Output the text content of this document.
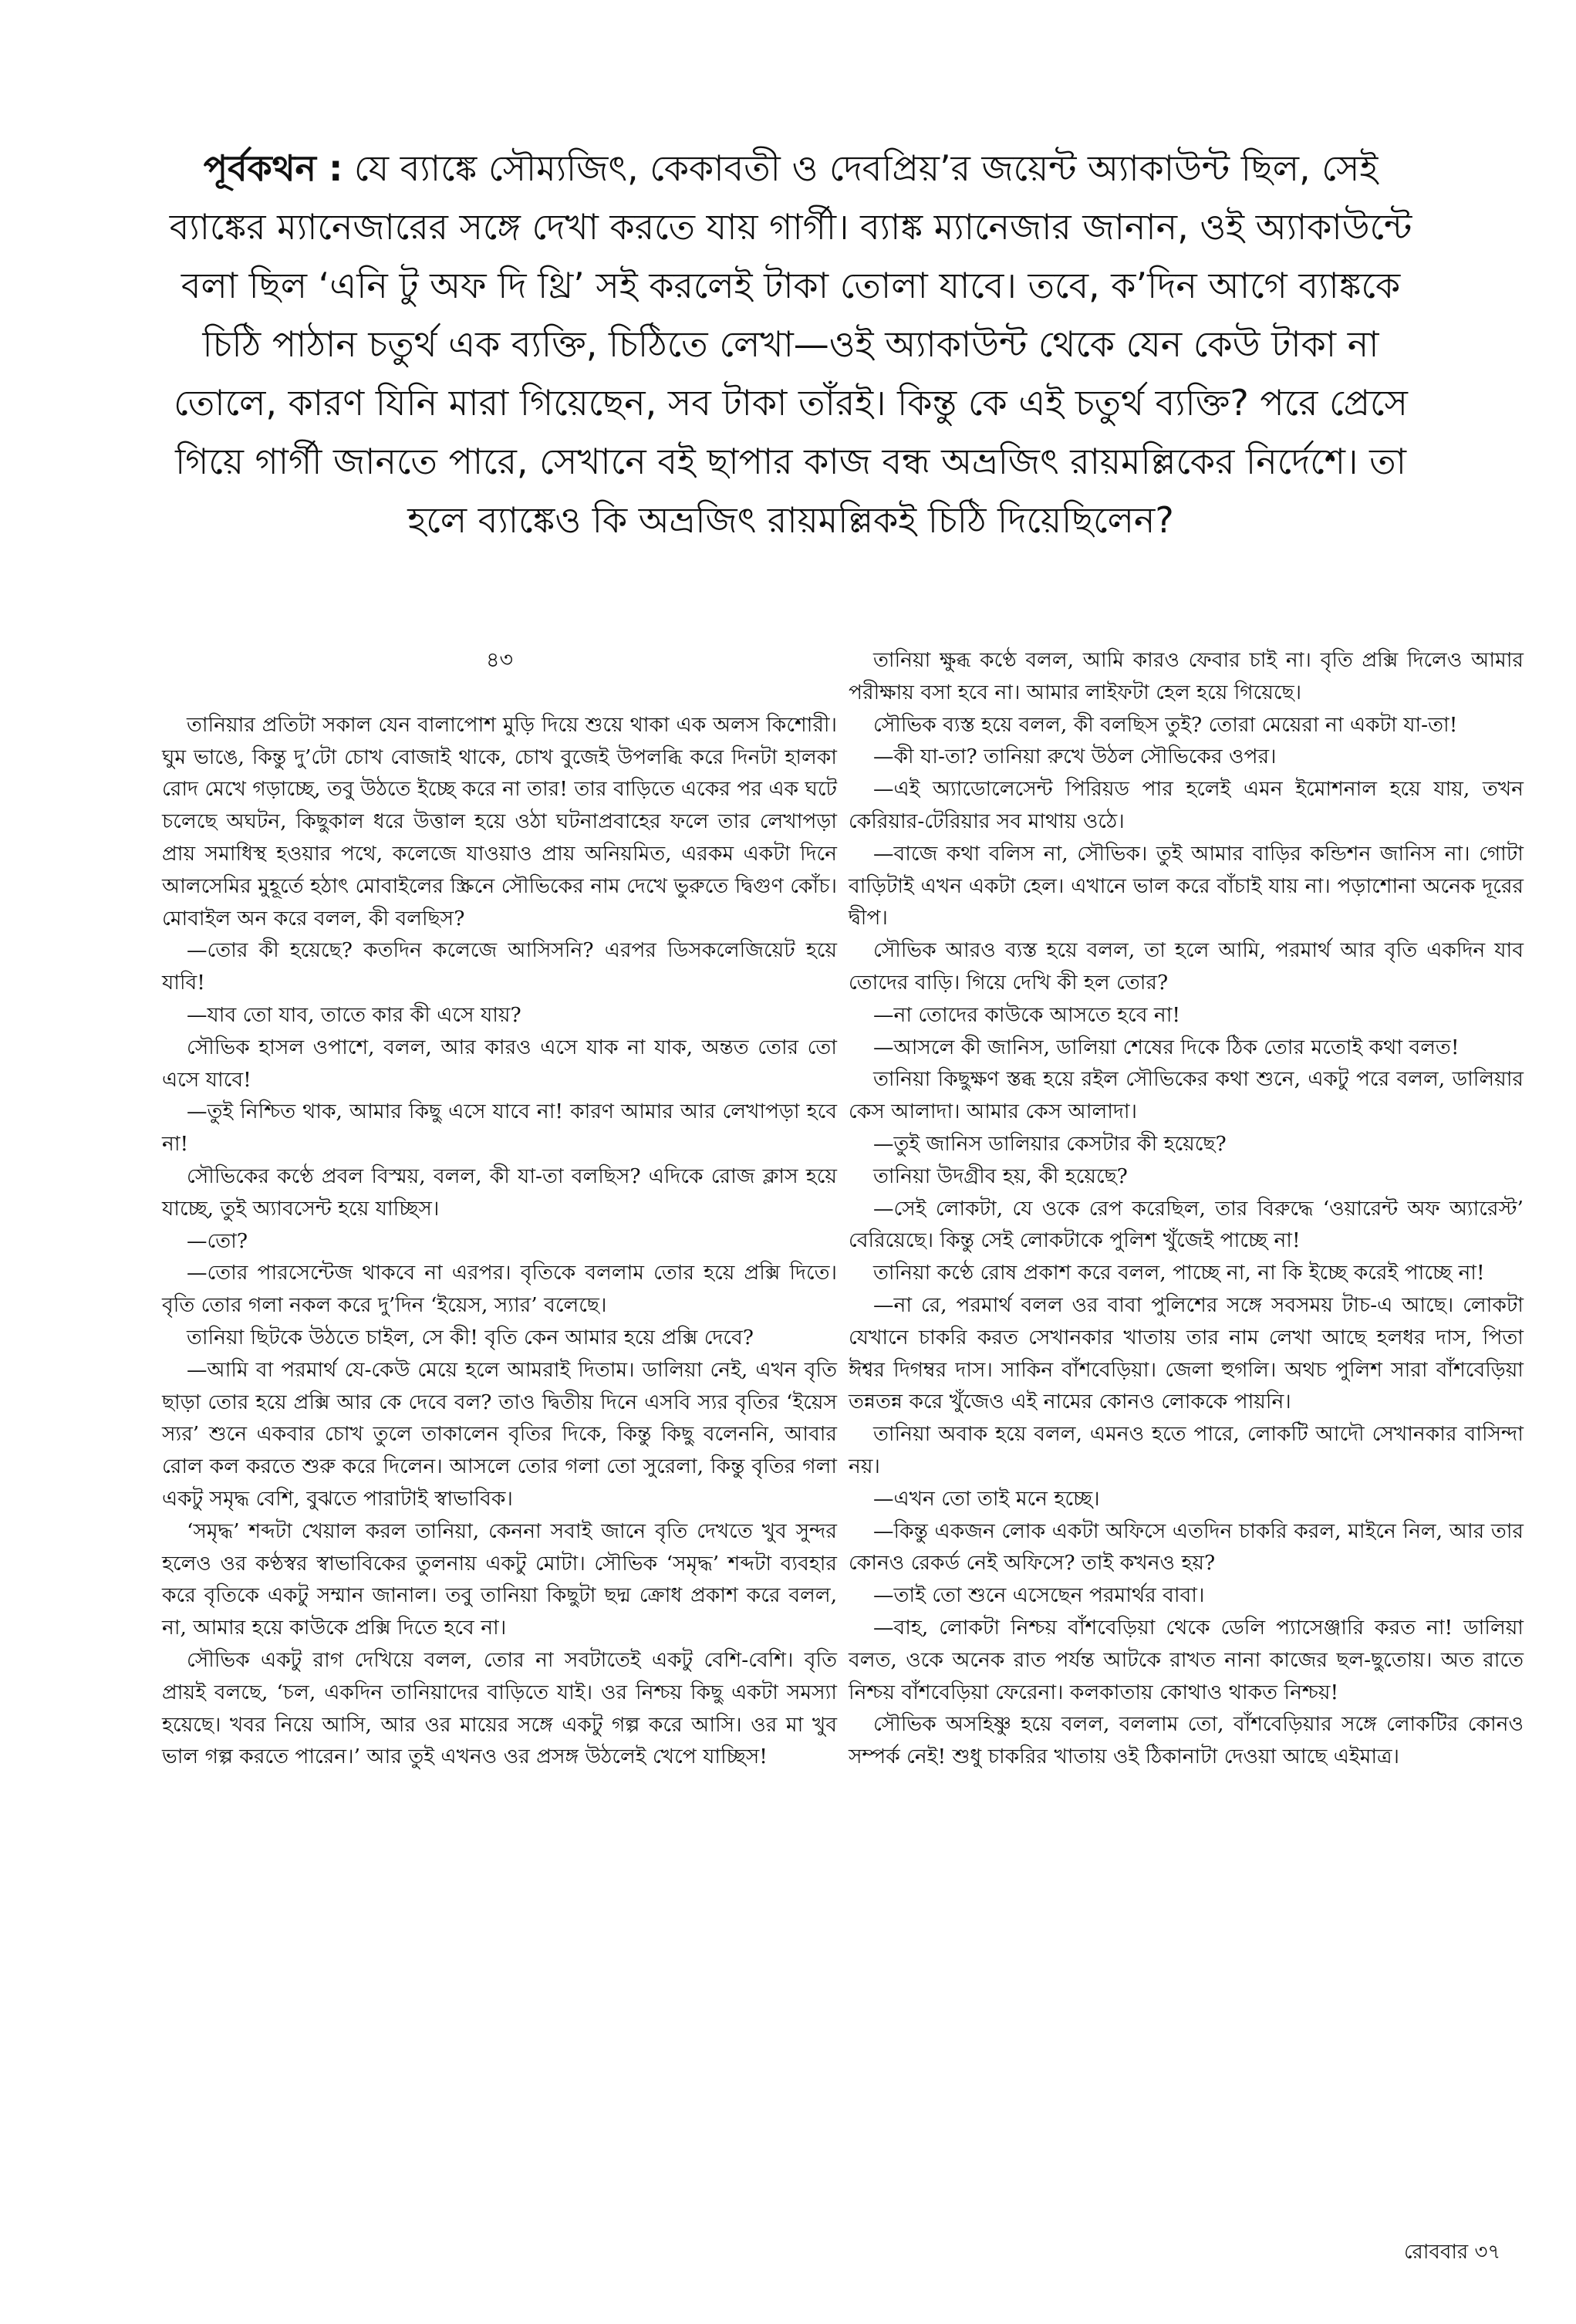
পূর্বকথন : যে ব্যাঙ্কে সৌম্যজিৎ, কেকাবতী ও দেবপ্রিয়’র জয়েন্ট অ্যাকাউন্ট ছিল, সেই ব্যাঙ্কের ম্যানেজারের সঙ্গে দেখা করতে যায় গার্গী। ব্যাঙ্ক ম্যানেজার জানান, ওই অ্যাকাউন্টে বলা ছিল ‘এনি টু অফ দি থ্রি’ সই করলেই টাকা তোলা যাবে। তবে, ক’দিন আগে ব্যাঙ্ককে চিঠি পাঠান চতুর্থ এক ব্যক্তি, চিঠিতে লেখা—ওই অ্যাকাউন্ট থেকে যেন কেউ টাকা না তোলে, কারণ যিনি মারা গিয়েছেন, সব টাকা তাঁরই। কিন্তু কে এই চতুর্থ ব্যক্তি? পরে প্রেসে গিয়ে গার্গী জানতে পারে, সেখানে বই ছাপার কাজ বন্ধ অভ্রজিৎ রায়মল্লিকের নির্দেশে। তা হলে ব্যাঙ্কেও কি অভ্রজিৎ রায়মল্লিকই চিঠি দিয়েছিলেন?

৪৩

তানিয়ার প্রতিটা সকাল যেন বালাপোশ মুড়ি দিয়ে শুয়ে থাকা এক অলস কিশোরী। ঘুম ভাঙে, কিন্তু দু’টো চোখ বোজাই থাকে, চোখ বুজেই উপলব্ধি করে দিনটা হালকা রোদ মেখে গড়াচ্ছে, তবু উঠতে ইচ্ছে করে না তার! তার বাড়িতে একের পর এক ঘটে চলেছে অঘটন, কিছুকাল ধরে উত্তাল হয়ে ওঠা ঘটনাপ্রবাহের ফলে তার লেখাপড়া প্রায় সমাধিস্থ হওয়ার পথে, কলেজে যাওয়াও প্রায় অনিয়মিত, এরকম একটা দিনে আলসেমির মুহূর্তে হঠাৎ মোবাইলের স্ক্রিনে সৌভিকের নাম দেখে ভুরুতে দ্বিগুণ কোঁচ। মোবাইল অন করে বলল, কী বলছিস?

—তোর কী হয়েছে? কতদিন কলেজে আসিসনি? এরপর ডিসকলেজিয়েট হয়ে যাবি!

—যাব তো যাব, তাতে কার কী এসে যায়?

সৌভিক হাসল ওপাশে, বলল, আর কারও এসে যাক না যাক, অন্তত তোর তো এসে যাবে!

—তুই নিশ্চিত থাক, আমার কিছু এসে যাবে না! কারণ আমার আর লেখাপড়া হবে না!

সৌভিকের কণ্ঠে প্রবল বিস্ময়, বলল, কী যা-তা বলছিস? এদিকে রোজ ক্লাস হয়ে যাচ্ছে, তুই অ্যাবসেন্ট হয়ে যাচ্ছিস।

—তো?

—তোর পারসেন্টেজ থাকবে না এরপর। বৃতিকে বললাম তোর হয়ে প্রক্সি দিতে। বৃতি তোর গলা নকল করে দু’দিন ‘ইয়েস, স্যার’ বলেছে।

তানিয়া ছিটকে উঠতে চাইল, সে কী! বৃতি কেন আমার হয়ে প্রক্সি দেবে?

—আমি বা পরমার্থ যে-কেউ মেয়ে হলে আমরাই দিতাম। ডালিয়া নেই, এখন বৃতি ছাড়া তোর হয়ে প্রক্সি আর কে দেবে বল? তাও দ্বিতীয় দিনে এসবি স্যর বৃতির ‘ইয়েস স্যর’ শুনে একবার চোখ তুলে তাকালেন বৃতির দিকে, কিন্তু কিছু বলেননি, আবার রোল কল করতে শুরু করে দিলেন। আসলে তোর গলা তো সুরেলা, কিন্তু বৃতির গলা একটু সমৃদ্ধ বেশি, বুঝতে পারাটাই স্বাভাবিক।

‘সমৃদ্ধ’ শব্দটা খেয়াল করল তানিয়া, কেননা সবাই জানে বৃতি দেখতে খুব সুন্দর হলেও ওর কণ্ঠস্বর স্বাভাবিকের তুলনায় একটু মোটা। সৌভিক ‘সমৃদ্ধ’ শব্দটা ব্যবহার করে বৃতিকে একটু সম্মান জানাল। তবু তানিয়া কিছুটা ছদ্ম ক্রোধ প্রকাশ করে বলল, না, আমার হয়ে কাউকে প্রক্সি দিতে হবে না।

সৌভিক একটু রাগ দেখিয়ে বলল, তোর না সবটাতেই একটু বেশি-বেশি। বৃতি প্রায়ই বলছে, ‘চল, একদিন তানিয়াদের বাড়িতে যাই। ওর নিশ্চয় কিছু একটা সমস্যা হয়েছে। খবর নিয়ে আসি, আর ওর মায়ের সঙ্গে একটু গল্প করে আসি। ওর মা খুব ভাল গল্প করতে পারেন।’ আর তুই এখনও ওর প্রসঙ্গ উঠলেই খেপে যাচ্ছিস!

তানিয়া ক্ষুব্ধ কণ্ঠে বলল, আমি কারও ফেবার চাই না। বৃতি প্রক্সি দিলেও আমার পরীক্ষায় বসা হবে না। আমার লাইফটা হেল হয়ে গিয়েছে।

সৌভিক ব্যস্ত হয়ে বলল, কী বলছিস তুই? তোরা মেয়েরা না একটা যা-তা!

—কী যা-তা? তানিয়া রুখে উঠল সৌভিকের ওপর।

—এই অ্যাডোলেসেন্ট পিরিয়ড পার হলেই এমন ইমোশনাল হয়ে যায়, তখন কেরিয়ার-টেরিয়ার সব মাথায় ওঠে।

—বাজে কথা বলিস না, সৌভিক। তুই আমার বাড়ির কন্ডিশন জানিস না। গোটা বাড়িটাই এখন একটা হেল। এখানে ভাল করে বাঁচাই যায় না। পড়াশোনা অনেক দূরের দ্বীপ।

সৌভিক আরও ব্যস্ত হয়ে বলল, তা হলে আমি, পরমার্থ আর বৃতি একদিন যাব তোদের বাড়ি। গিয়ে দেখি কী হল তোর?

—না তোদের কাউকে আসতে হবে না!

—আসলে কী জানিস, ডালিয়া শেষের দিকে ঠিক তোর মতোই কথা বলত!

তানিয়া কিছুক্ষণ স্তব্ধ হয়ে রইল সৌভিকের কথা শুনে, একটু পরে বলল, ডালিয়ার কেস আলাদা। আমার কেস আলাদা।

—তুই জানিস ডালিয়ার কেসটার কী হয়েছে?

তানিয়া উদগ্রীব হয়, কী হয়েছে?

—সেই লোকটা, যে ওকে রেপ করেছিল, তার বিরুদ্ধে ‘ওয়ারেন্ট অফ অ্যারেস্ট’ বেরিয়েছে। কিন্তু সেই লোকটাকে পুলিশ খুঁজেই পাচ্ছে না!

তানিয়া কণ্ঠে রোষ প্রকাশ করে বলল, পাচ্ছে না, না কি ইচ্ছে করেই পাচ্ছে না!

—না রে, পরমার্থ বলল ওর বাবা পুলিশের সঙ্গে সবসময় টাচ-এ আছে। লোকটা যেখানে চাকরি করত সেখানকার খাতায় তার নাম লেখা আছে হলধর দাস, পিতা ঈশ্বর দিগম্বর দাস। সাকিন বাঁশবেড়িয়া। জেলা হুগলি। অথচ পুলিশ সারা বাঁশবেড়িয়া তন্নতন্ন করে খুঁজেও এই নামের কোনও লোককে পায়নি।

তানিয়া অবাক হয়ে বলল, এমনও হতে পারে, লোকটি আদৌ সেখানকার বাসিন্দা নয়।

—এখন তো তাই মনে হচ্ছে।

—কিন্তু একজন লোক একটা অফিসে এতদিন চাকরি করল, মাইনে নিল, আর তার কোনও রেকর্ড নেই অফিসে? তাই কখনও হয়?

—তাই তো শুনে এসেছেন পরমার্থর বাবা।

—বাহ, লোকটা নিশ্চয় বাঁশবেড়িয়া থেকে ডেলি প্যাসেঞ্জারি করত না! ডালিয়া বলত, ওকে অনেক রাত পর্যন্ত আটকে রাখত নানা কাজের ছল-ছুতোয়। অত রাতে নিশ্চয় বাঁশবেড়িয়া ফেরেনা। কলকাতায় কোথাও থাকত নিশ্চয়!

সৌভিক অসহিষ্ণু হয়ে বলল, বললাম তো, বাঁশবেড়িয়ার সঙ্গে লোকটির কোনও সম্পর্ক নেই! শুধু চাকরির খাতায় ওই ঠিকানাটা দেওয়া আছে এইমাত্র।

রোববার ৩৭
